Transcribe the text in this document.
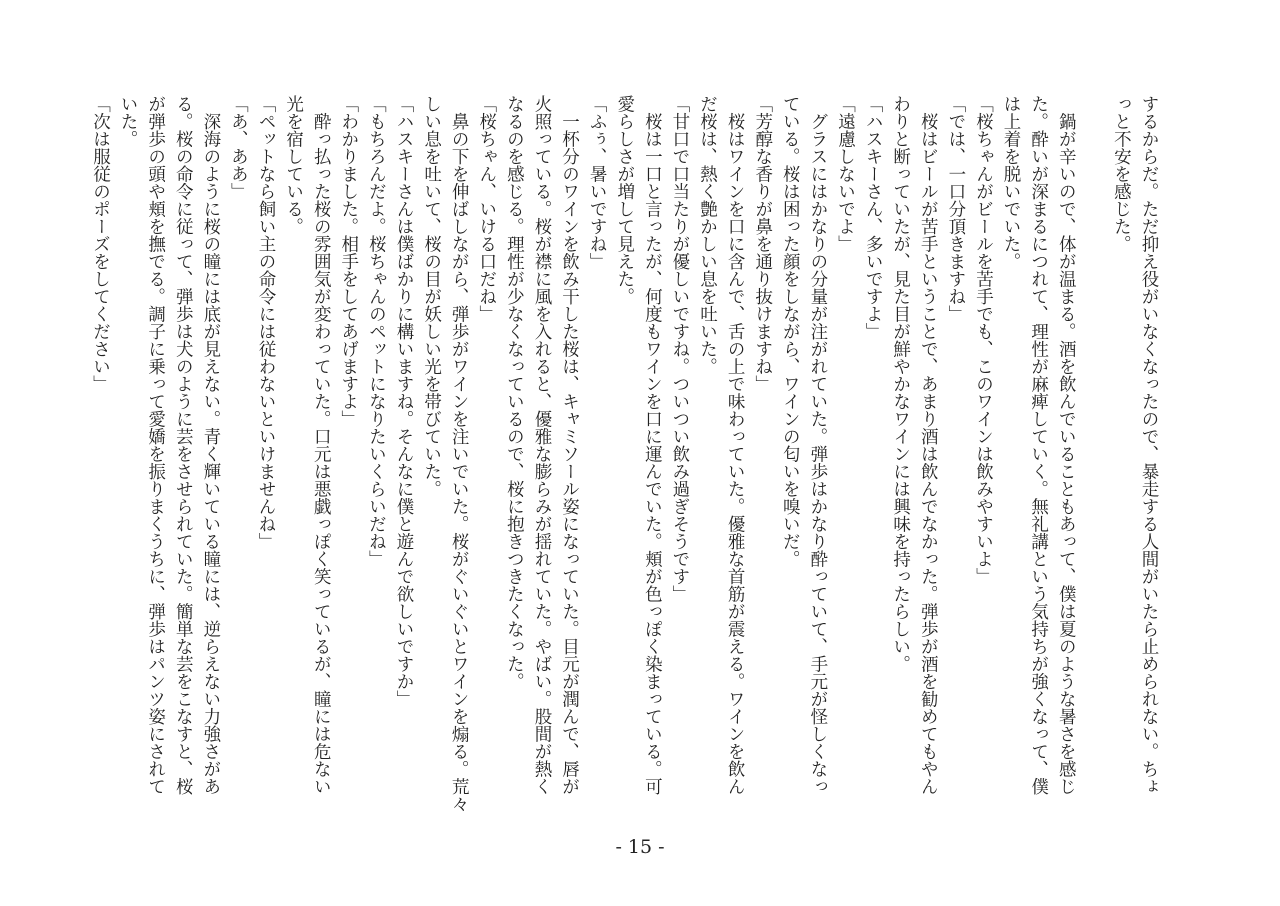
するからだ。ただ抑え役がいなくなったので、暴走する人間がいたら止められない。ちょ
っと不安を感じた。
　鍋が辛いので、体が温まる。酒を飲んでいることもあって、僕は夏のような暑さを感じ
た。酔いが深まるにつれて、理性が麻痺していく。無礼講という気持ちが強くなって、僕
は上着を脱いでいた。
「桜ちゃんがビールを苦手でも、このワインは飲みやすいよ」
「では、一口分頂きますね」
　桜はビールが苦手ということで、あまり酒は飲んでなかった。弾歩が酒を勧めてもやん
わりと断っていたが、見た目が鮮やかなワインには興味を持ったらしい。
「ハスキーさん、多いですよ」
「遠慮しないでよ」
　グラスにはかなりの分量が注がれていた。弾歩はかなり酔っていて、手元が怪しくなっ
ている。桜は困った顔をしながら、ワインの匂いを嗅いだ。
「芳醇な香りが鼻を通り抜けますね」
　桜はワインを口に含んで、舌の上で味わっていた。優雅な首筋が震える。ワインを飲ん
だ桜は、熱く艶かしい息を吐いた。
「甘口で口当たりが優しいですね。ついつい飲み過ぎそうです」
　桜は一口と言ったが、何度もワインを口に運んでいた。頬が色っぽく染まっている。可
愛らしさが増して見えた。
「ふぅ、暑いですね」
　一杯分のワインを飲み干した桜は、キャミソール姿になっていた。目元が潤んで、唇が
火照っている。桜が襟に風を入れると、優雅な膨らみが揺れていた。やばい。股間が熱く
なるのを感じる。理性が少なくなっているので、桜に抱きつきたくなった。
「桜ちゃん、いける口だね」
　鼻の下を伸ばしながら、弾歩がワインを注いでいた。桜がぐいぐいとワインを煽る。荒々
しい息を吐いて、桜の目が妖しい光を帯びていた。
「ハスキーさんは僕ばかりに構いますね。そんなに僕と遊んで欲しいですか」
「もちろんだよ。桜ちゃんのペットになりたいくらいだね」
「わかりました。相手をしてあげますよ」
　酔っ払った桜の雰囲気が変わっていた。口元は悪戯っぽく笑っているが、瞳には危ない
光を宿している。
「ペットなら飼い主の命令には従わないといけませんね」
「あ、ああ」
　深海のように桜の瞳には底が見えない。青く輝いている瞳には、逆らえない力強さがあ
る。桜の命令に従って、弾歩は犬のように芸をさせられていた。簡単な芸をこなすと、桜
が弾歩の頭や頬を撫でる。調子に乗って愛嬌を振りまくうちに、弾歩はパンツ姿にされて
いた。
「次は服従のポーズをしてください」
- 15 -
